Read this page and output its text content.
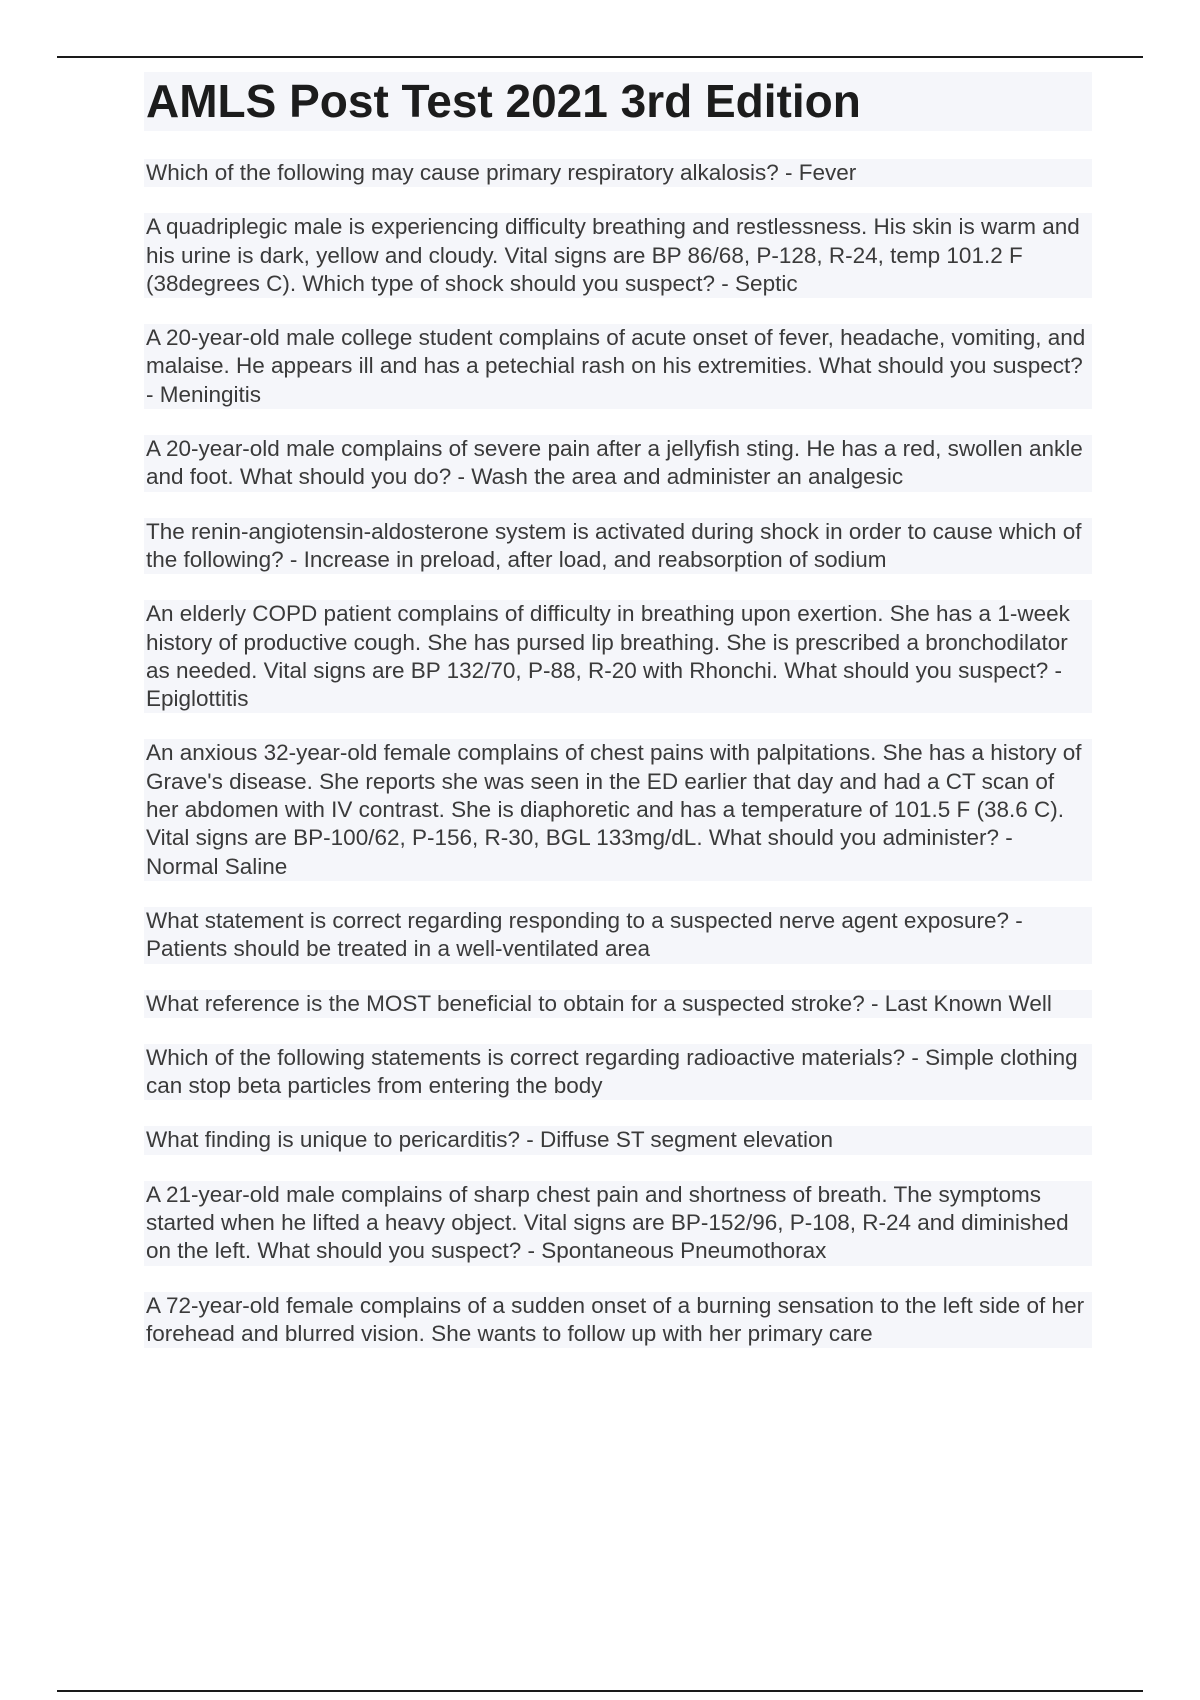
AMLS Post Test 2021 3rd Edition

Which of the following may cause primary respiratory alkalosis? - Fever

A quadriplegic male is experiencing difficulty breathing and restlessness. His skin is warm and his urine is dark, yellow and cloudy. Vital signs are BP 86/68, P-128, R-24, temp 101.2 F (38degrees C). Which type of shock should you suspect? - Septic

A 20-year-old male college student complains of acute onset of fever, headache, vomiting, and malaise. He appears ill and has a petechial rash on his extremities. What should you suspect? - Meningitis

A 20-year-old male complains of severe pain after a jellyfish sting. He has a red, swollen ankle and foot. What should you do? - Wash the area and administer an analgesic

The renin-angiotensin-aldosterone system is activated during shock in order to cause which of the following? - Increase in preload, after load, and reabsorption of sodium

An elderly COPD patient complains of difficulty in breathing upon exertion. She has a 1-week history of productive cough. She has pursed lip breathing. She is prescribed a bronchodilator as needed. Vital signs are BP 132/70, P-88, R-20 with Rhonchi. What should you suspect? - Epiglottitis

An anxious 32-year-old female complains of chest pains with palpitations. She has a history of Grave's disease. She reports she was seen in the ED earlier that day and had a CT scan of her abdomen with IV contrast. She is diaphoretic and has a temperature of 101.5 F (38.6 C). Vital signs are BP-100/62, P-156, R-30, BGL 133mg/dL. What should you administer? - Normal Saline

What statement is correct regarding responding to a suspected nerve agent exposure? - Patients should be treated in a well-ventilated area

What reference is the MOST beneficial to obtain for a suspected stroke? - Last Known Well

Which of the following statements is correct regarding radioactive materials? - Simple clothing can stop beta particles from entering the body

What finding is unique to pericarditis? - Diffuse ST segment elevation

A 21-year-old male complains of sharp chest pain and shortness of breath. The symptoms started when he lifted a heavy object. Vital signs are BP-152/96, P-108, R-24 and diminished on the left. What should you suspect? - Spontaneous Pneumothorax

A 72-year-old female complains of a sudden onset of a burning sensation to the left side of her forehead and blurred vision. She wants to follow up with her primary care
